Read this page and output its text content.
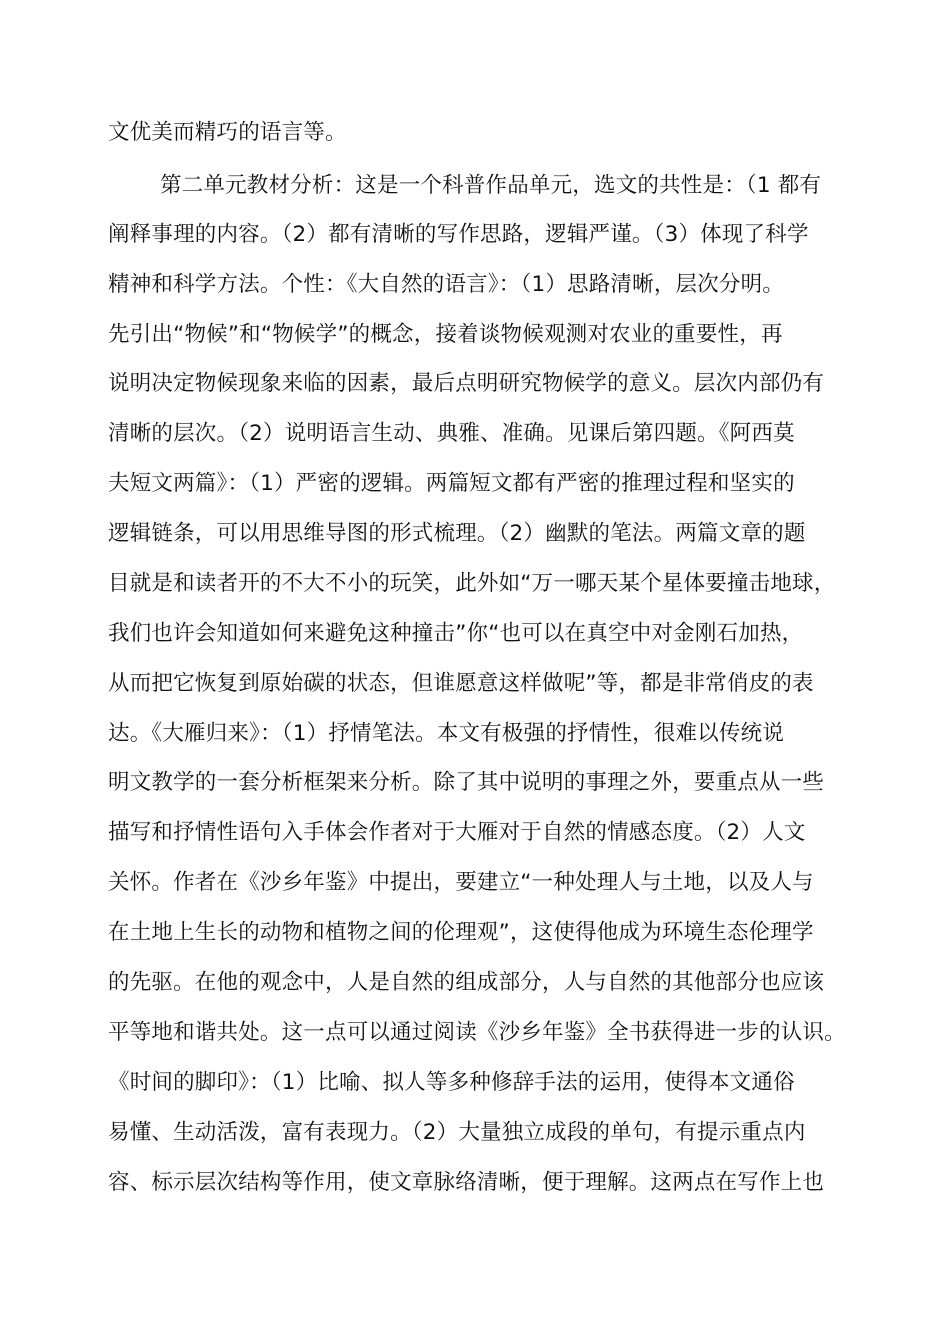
文优美而精巧的语言等。
第二单元教材分析：这是一个科普作品单元，选文的共性是：（1 都有
阐释事理的内容。（2）都有清晰的写作思路，逻辑严谨。（3）体现了科学
精神和科学方法。个性：《大自然的语言》：（1）思路清晰，层次分明。
先引出“物候”和“物候学”的概念，接着谈物候观测对农业的重要性，再
说明决定物候现象来临的因素，最后点明研究物候学的意义。层次内部仍有
清晰的层次。（2）说明语言生动、典雅、准确。见课后第四题。《阿西莫
夫短文两篇》：（1）严密的逻辑。两篇短文都有严密的推理过程和坚实的
逻辑链条，可以用思维导图的形式梳理。（2）幽默的笔法。两篇文章的题
目就是和读者开的不大不小的玩笑，此外如“万一哪天某个星体要撞击地球，
我们也许会知道如何来避免这种撞击”你“也可以在真空中对金刚石加热，
从而把它恢复到原始碳的状态，但谁愿意这样做呢”等，都是非常俏皮的表
达。《大雁归来》：（1）抒情笔法。本文有极强的抒情性，很难以传统说
明文教学的一套分析框架来分析。除了其中说明的事理之外，要重点从一些
描写和抒情性语句入手体会作者对于大雁对于自然的情感态度。（2）人文
关怀。作者在《沙乡年鉴》中提出，要建立“一种处理人与土地，以及人与
在土地上生长的动物和植物之间的伦理观”，这使得他成为环境生态伦理学
的先驱。在他的观念中，人是自然的组成部分，人与自然的其他部分也应该
平等地和谐共处。这一点可以通过阅读《沙乡年鉴》全书获得进一步的认识。
《时间的脚印》：（1）比喻、拟人等多种修辞手法的运用，使得本文通俗
易懂、生动活泼，富有表现力。（2）大量独立成段的单句，有提示重点内
容、标示层次结构等作用，使文章脉络清晰，便于理解。这两点在写作上也
